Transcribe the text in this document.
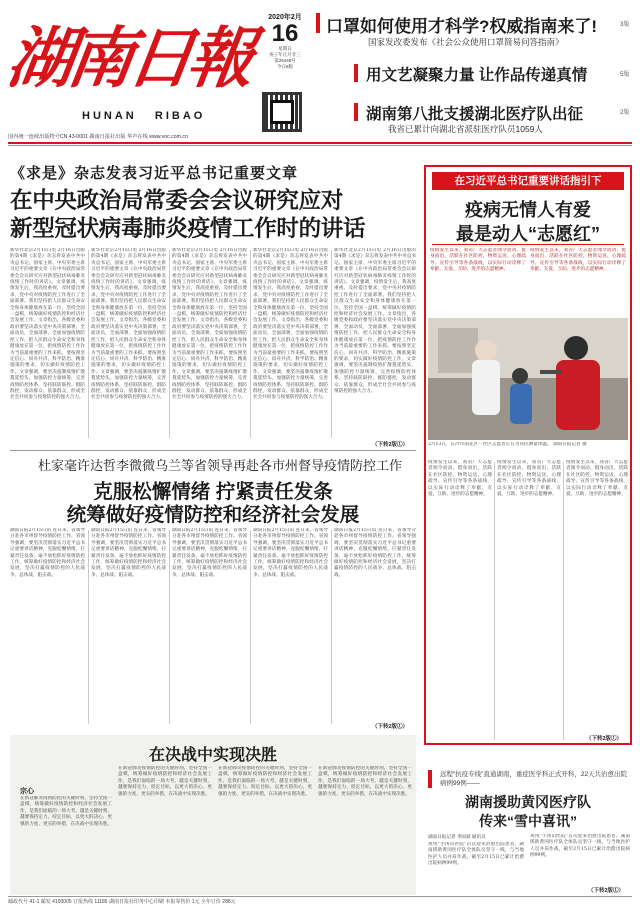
湖南日報
HUNAN RIBAO
2020年2月
16
星期日
庚子年正月廿三
第25448号
今日8版
口罩如何使用才科学?权威指南来了!
国家发改委发布《社会公众使用口罩简易问答指南》
3版
用文艺凝聚力量 让作品传递真情	5版
湖南第八批支援湖北医疗队出征
我省已累计向湖北省派驻医疗队员1059人
2版
国内统一连续出版物号CN 43-0001 湖南日报社出版 华声在线 www.voc.com.cn
《求是》杂志发表习近平总书记重要文章
在中央政治局常委会会议研究应对
新型冠状病毒肺炎疫情工作时的讲话
新华社北京2月15日电 2月16日出版的第4期《求是》杂志将发表中共中央总书记、国家主席、中央军委主席习近平的重要文章《在中央政治局常委会会议研究应对新型冠状病毒肺炎疫情工作时的讲话》。文章强调，疫情发生后，我高度重视，及时提出要求，党中央对疫情防控工作进行了全面部署。我们坚持把人民群众生命安全和身体健康放在第一位，坚持全国一盘棋，统筹做好疫情防控和经济社会发展工作。文章指出，各级党委和政府要坚决落实党中央决策部署，全面动员，全面部署，全面加强疫情防控工作，把人民群众生命安全和身体健康放在第一位，把疫情防控工作作为当前最重要的工作来抓。要按照坚定信心、同舟共济、科学防治、精准施策的要求，切实做好疫情防控工作。文章强调，要坚决遏制疫情扩散蔓延势头，加强防控力量统筹，完善疫情防控体系，坚持联防联控、群防群控，发动群众、依靠群众，形成全社会共同参与疫情防控的强大合力。
新华社北京2月15日电 2月16日出版的第4期《求是》杂志将发表中共中央总书记、国家主席、中央军委主席习近平的重要文章《在中央政治局常委会会议研究应对新型冠状病毒肺炎疫情工作时的讲话》。文章强调，疫情发生后，我高度重视，及时提出要求，党中央对疫情防控工作进行了全面部署。我们坚持把人民群众生命安全和身体健康放在第一位，坚持全国一盘棋，统筹做好疫情防控和经济社会发展工作。文章指出，各级党委和政府要坚决落实党中央决策部署，全面动员，全面部署，全面加强疫情防控工作，把人民群众生命安全和身体健康放在第一位，把疫情防控工作作为当前最重要的工作来抓。要按照坚定信心、同舟共济、科学防治、精准施策的要求，切实做好疫情防控工作。文章强调，要坚决遏制疫情扩散蔓延势头，加强防控力量统筹，完善疫情防控体系，坚持联防联控、群防群控，发动群众、依靠群众，形成全社会共同参与疫情防控的强大合力。
新华社北京2月15日电 2月16日出版的第4期《求是》杂志将发表中共中央总书记、国家主席、中央军委主席习近平的重要文章《在中央政治局常委会会议研究应对新型冠状病毒肺炎疫情工作时的讲话》。文章强调，疫情发生后，我高度重视，及时提出要求，党中央对疫情防控工作进行了全面部署。我们坚持把人民群众生命安全和身体健康放在第一位，坚持全国一盘棋，统筹做好疫情防控和经济社会发展工作。文章指出，各级党委和政府要坚决落实党中央决策部署，全面动员，全面部署，全面加强疫情防控工作，把人民群众生命安全和身体健康放在第一位，把疫情防控工作作为当前最重要的工作来抓。要按照坚定信心、同舟共济、科学防治、精准施策的要求，切实做好疫情防控工作。文章强调，要坚决遏制疫情扩散蔓延势头，加强防控力量统筹，完善疫情防控体系，坚持联防联控、群防群控，发动群众、依靠群众，形成全社会共同参与疫情防控的强大合力。
新华社北京2月15日电 2月16日出版的第4期《求是》杂志将发表中共中央总书记、国家主席、中央军委主席习近平的重要文章《在中央政治局常委会会议研究应对新型冠状病毒肺炎疫情工作时的讲话》。文章强调，疫情发生后，我高度重视，及时提出要求，党中央对疫情防控工作进行了全面部署。我们坚持把人民群众生命安全和身体健康放在第一位，坚持全国一盘棋，统筹做好疫情防控和经济社会发展工作。文章指出，各级党委和政府要坚决落实党中央决策部署，全面动员，全面部署，全面加强疫情防控工作，把人民群众生命安全和身体健康放在第一位，把疫情防控工作作为当前最重要的工作来抓。要按照坚定信心、同舟共济、科学防治、精准施策的要求，切实做好疫情防控工作。文章强调，要坚决遏制疫情扩散蔓延势头，加强防控力量统筹，完善疫情防控体系，坚持联防联控、群防群控，发动群众、依靠群众，形成全社会共同参与疫情防控的强大合力。
新华社北京2月15日电 2月16日出版的第4期《求是》杂志将发表中共中央总书记、国家主席、中央军委主席习近平的重要文章《在中央政治局常委会会议研究应对新型冠状病毒肺炎疫情工作时的讲话》。文章强调，疫情发生后，我高度重视，及时提出要求，党中央对疫情防控工作进行了全面部署。我们坚持把人民群众生命安全和身体健康放在第一位，坚持全国一盘棋，统筹做好疫情防控和经济社会发展工作。文章指出，各级党委和政府要坚决落实党中央决策部署，全面动员，全面部署，全面加强疫情防控工作，把人民群众生命安全和身体健康放在第一位，把疫情防控工作作为当前最重要的工作来抓。要按照坚定信心、同舟共济、科学防治、精准施策的要求，切实做好疫情防控工作。文章强调，要坚决遏制疫情扩散蔓延势头，加强防控力量统筹，完善疫情防控体系，坚持联防联控、群防群控，发动群众、依靠群众，形成全社会共同参与疫情防控的强大合力。
（下转2版①）
在习近平总书记重要讲话指引下
疫病无情人有爱
最是动人“志愿红”
疫情发生以来，我省广大志愿者闻令而动、挺身而出，活跃在社区防控、物资运送、心理疏导、宣传引导等各条战线，以实际行动诠释了奉献、友爱、互助、进步的志愿精神。
疫情发生以来，我省广大志愿者闻令而动、挺身而出，活跃在社区防控、物资运送、心理疏导、宣传引导等各条战线，以实际行动诠释了奉献、友爱、互助、进步的志愿精神。
2月13日，长沙市雨花区一社区志愿者正在为居民测量体温。 湖南日报记者 摄
疫情发生以来，我省广大志愿者闻令而动、挺身而出，活跃在社区防控、物资运送、心理疏导、宣传引导等各条战线，以实际行动诠释了奉献、友爱、互助、进步的志愿精神。
疫情发生以来，我省广大志愿者闻令而动、挺身而出，活跃在社区防控、物资运送、心理疏导、宣传引导等各条战线，以实际行动诠释了奉献、友爱、互助、进步的志愿精神。
疫情发生以来，我省广大志愿者闻令而动、挺身而出，活跃在社区防控、物资运送、心理疏导、宣传引导等各条战线，以实际行动诠释了奉献、友爱、互助、进步的志愿精神。
（下转2版①）
杜家毫许达哲李微微乌兰等省领导再赴各市州督导疫情防控工作
克服松懈情绪 拧紧责任发条
统筹做好疫情防控和经济社会发展
湖南日报2月15日讯 连日来，省领导分赴各市州督导疫情防控工作。省领导强调，要坚决贯彻落实习近平总书记重要讲话精神，克服松懈情绪，拧紧责任发条，毫不放松抓好疫情防控工作，统筹做好疫情防控和经济社会发展，坚决打赢疫情防控的人民战争、总体战、阻击战。
湖南日报2月15日讯 连日来，省领导分赴各市州督导疫情防控工作。省领导强调，要坚决贯彻落实习近平总书记重要讲话精神，克服松懈情绪，拧紧责任发条，毫不放松抓好疫情防控工作，统筹做好疫情防控和经济社会发展，坚决打赢疫情防控的人民战争、总体战、阻击战。
湖南日报2月15日讯 连日来，省领导分赴各市州督导疫情防控工作。省领导强调，要坚决贯彻落实习近平总书记重要讲话精神，克服松懈情绪，拧紧责任发条，毫不放松抓好疫情防控工作，统筹做好疫情防控和经济社会发展，坚决打赢疫情防控的人民战争、总体战、阻击战。
湖南日报2月15日讯 连日来，省领导分赴各市州督导疫情防控工作。省领导强调，要坚决贯彻落实习近平总书记重要讲话精神，克服松懈情绪，拧紧责任发条，毫不放松抓好疫情防控工作，统筹做好疫情防控和经济社会发展，坚决打赢疫情防控的人民战争、总体战、阻击战。
湖南日报2月15日讯 连日来，省领导分赴各市州督导疫情防控工作。省领导强调，要坚决贯彻落实习近平总书记重要讲话精神，克服松懈情绪，拧紧责任发条，毫不放松抓好疫情防控工作，统筹做好疫情防控和经济社会发展，坚决打赢疫情防控的人民战争、总体战、阻击战。
（下转2版①）
在决战中实现决胜
宗心
在新冠肺炎疫情防控的关键时刻，坚持全国一盘棋，统筹做好疫情防控和经济社会发展工作，是我们面临的一场大考。越是关键时刻，越要保持定力、咬定目标，以更大的决心、更强的力度、更实的举措，在决战中实现决胜。
在新冠肺炎疫情防控的关键时刻，坚持全国一盘棋，统筹做好疫情防控和经济社会发展工作，是我们面临的一场大考。越是关键时刻，越要保持定力、咬定目标，以更大的决心、更强的力度、更实的举措，在决战中实现决胜。
在新冠肺炎疫情防控的关键时刻，坚持全国一盘棋，统筹做好疫情防控和经济社会发展工作，是我们面临的一场大考。越是关键时刻，越要保持定力、咬定目标，以更大的决心、更强的力度、更实的举措，在决战中实现决胜。
在新冠肺炎疫情防控的关键时刻，坚持全国一盘棋，统筹做好疫情防控和经济社会发展工作，是我们面临的一场大考。越是关键时刻，越要保持定力、咬定目标，以更大的决心、更强的力度、更实的举措，在决战中实现决胜。
远程“抗疫专线”直通湖南，重症医学科正式开科，22天共治愈出院病例99例——
湖南援助黄冈医疗队
传来“雪中喜讯”
湖南日报记者 李国斌 通讯员
黄冈“小汤山医院”首次迎来治愈出院患者。湖南援助黄冈医疗队全体队员坚守一线，与当地医护人员并肩作战，截至2月15日已累计治愈出院病例99例。
黄冈“小汤山医院”首次迎来治愈出院患者。湖南援助黄冈医疗队全体队员坚守一线，与当地医护人员并肩作战，截至2月15日已累计治愈出院病例99例。
（下转2版①）
邮政代号 41-1 邮发 4100005 订报热线 11185 湖南日报社印务中心印刷 本报零售价 1元 全年订价 288元
